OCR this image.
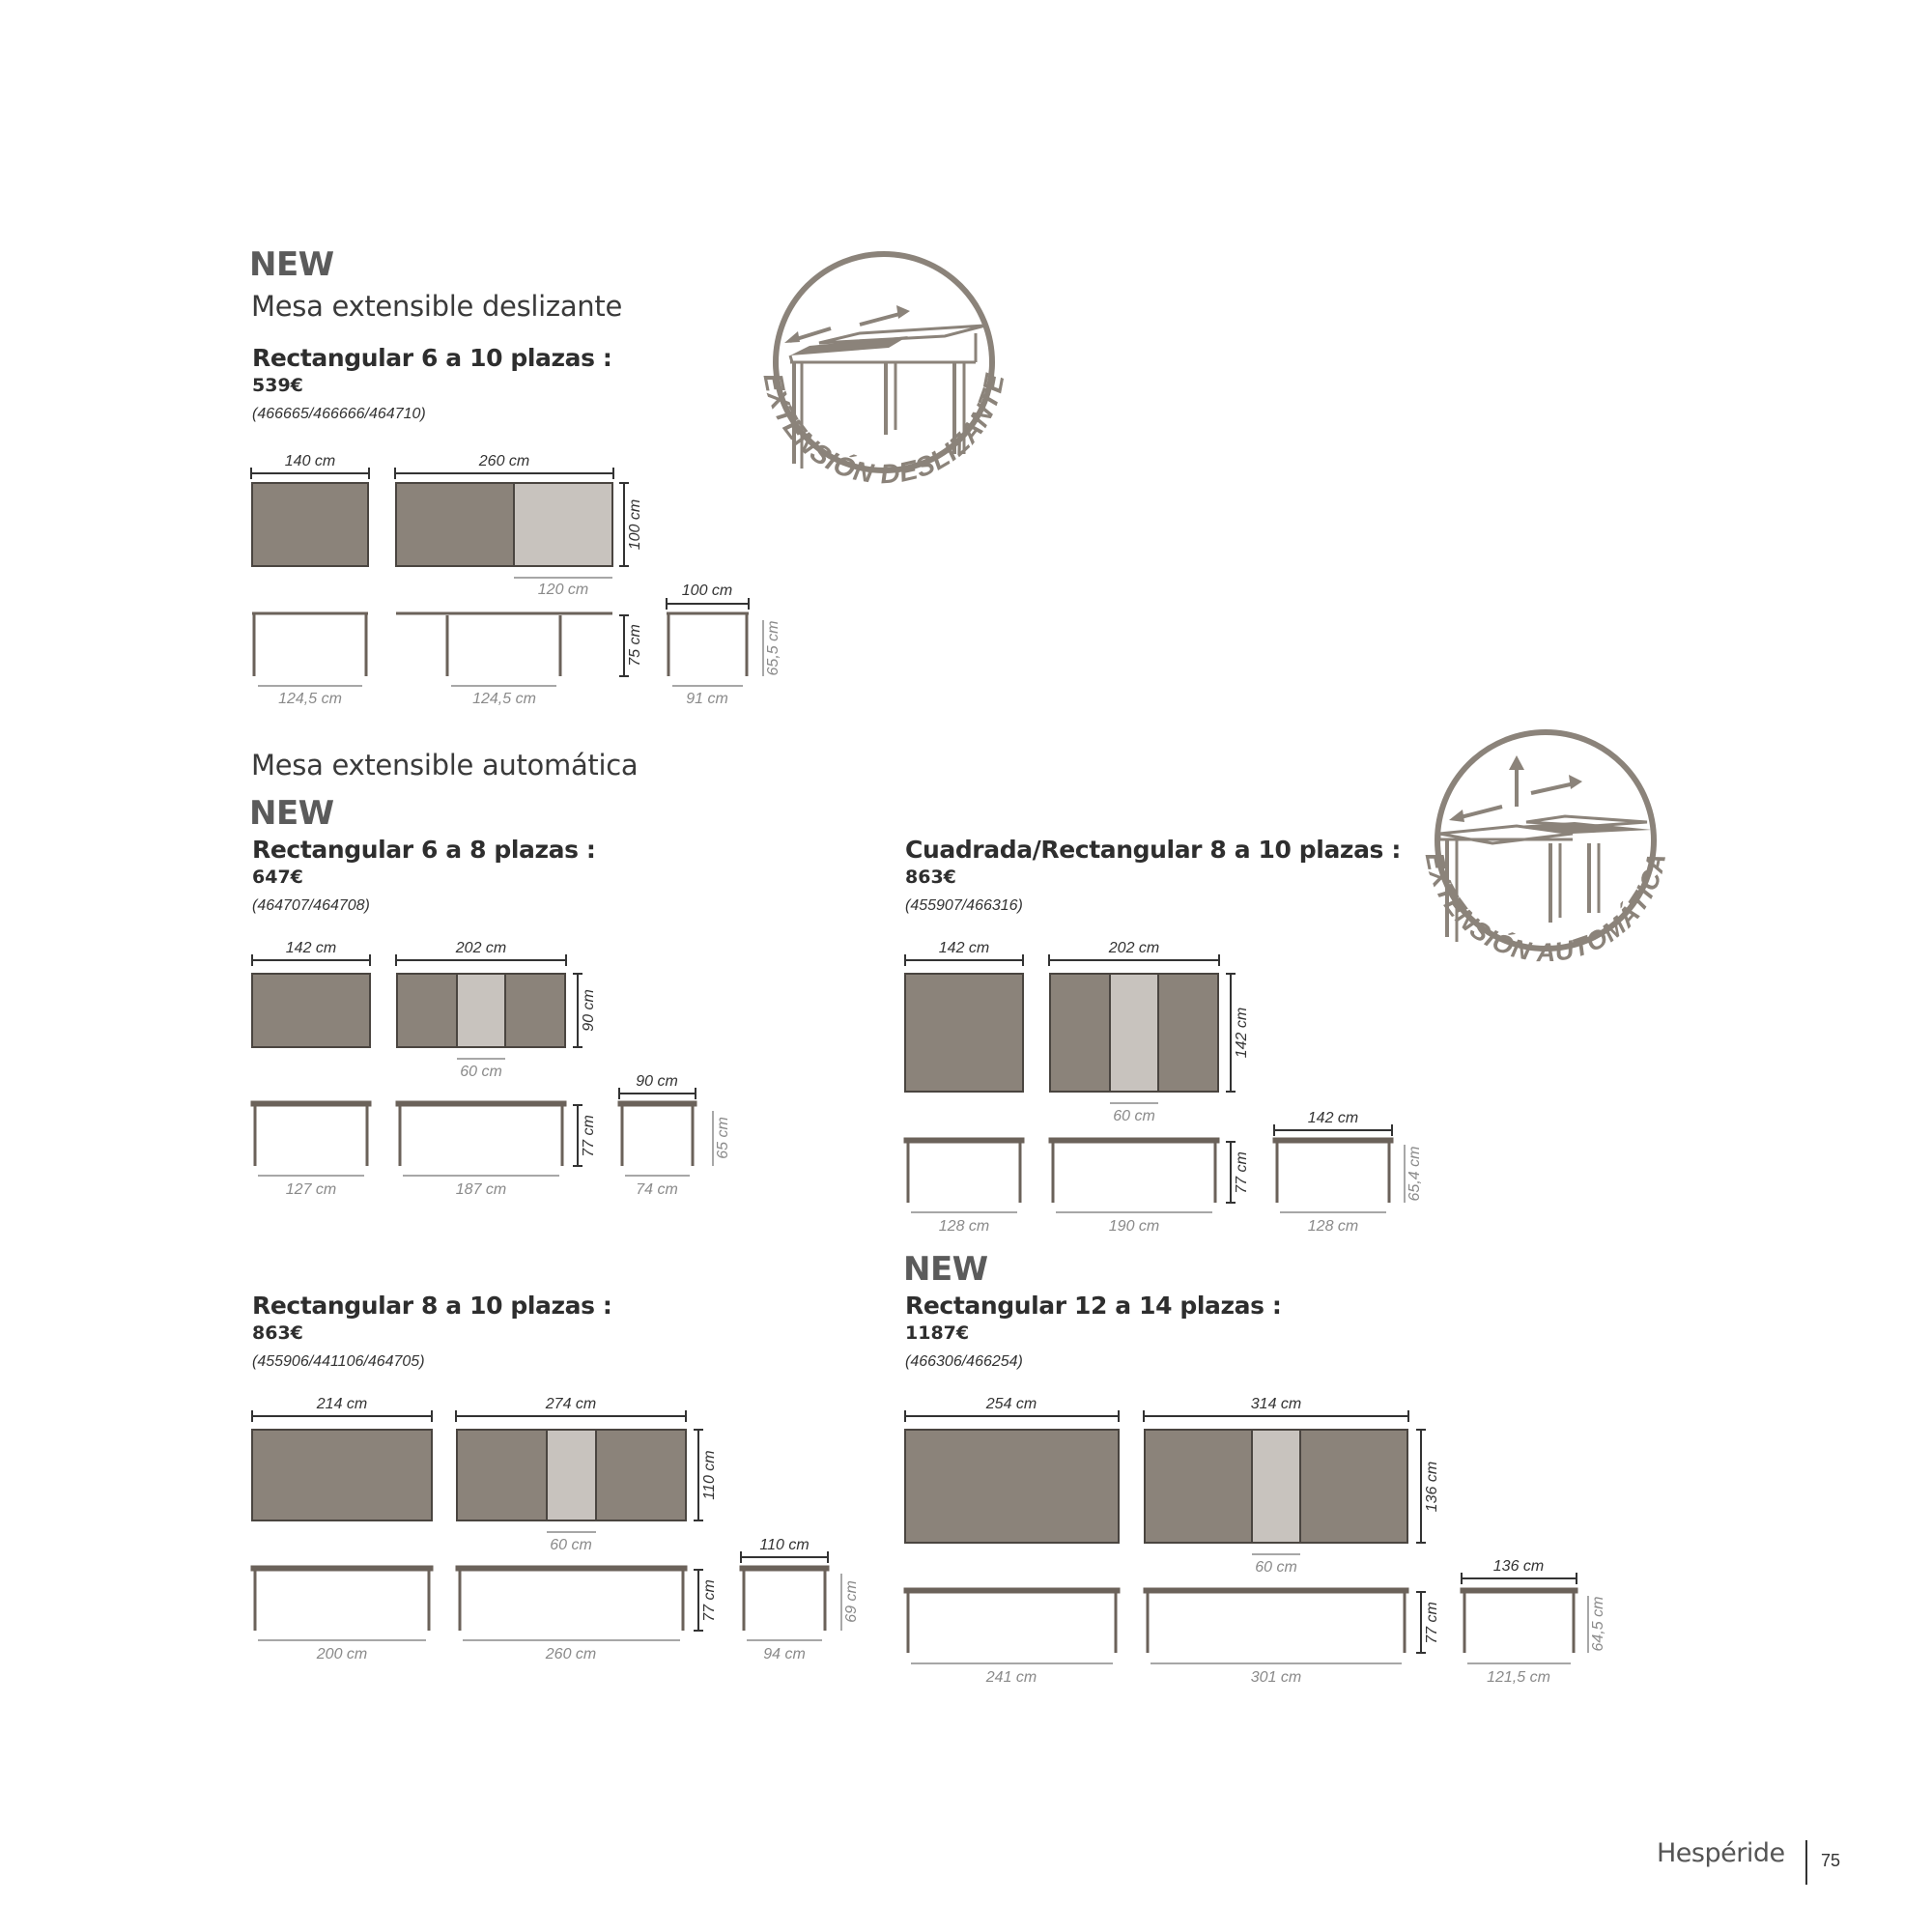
NEW
Mesa extensible deslizante
Rectangular 6 a 10 plazas :
539€
(466665/466666/464710)
EXTENSIÓN DESLIZANTE
140 cm	260 cm
100 cm
120 cm	100 cm
75 cm	65,5 cm
124,5 cm	124,5 cm	91 cm
Mesa extensible automática
NEW
EXTENSIÓN AUTOMÁTICA
Rectangular 6 a 8 plazas :
647€
(464707/464708)
142 cm	202 cm
90 cm
60 cm
90 cm
77 cm	65 cm
127 cm	187 cm	74 cm
Cuadrada/Rectangular 8 a 10 plazas :
863€
(455907/466316)
142 cm	202 cm
142 cm
60 cm	142 cm
77 cm	65,4 cm
128 cm	190 cm	128 cm
Rectangular 8 a 10 plazas :
863€
(455906/441106/464705)
214 cm	274 cm
110 cm
60 cm	110 cm
77 cm	69 cm
200 cm	260 cm	94 cm
NEW
Rectangular 12 a 14 plazas :
1187€
(466306/466254)
254 cm	314 cm
136 cm
60 cm	136 cm
77 cm	64,5 cm
241 cm	301 cm	121,5 cm
Hespéride 75
